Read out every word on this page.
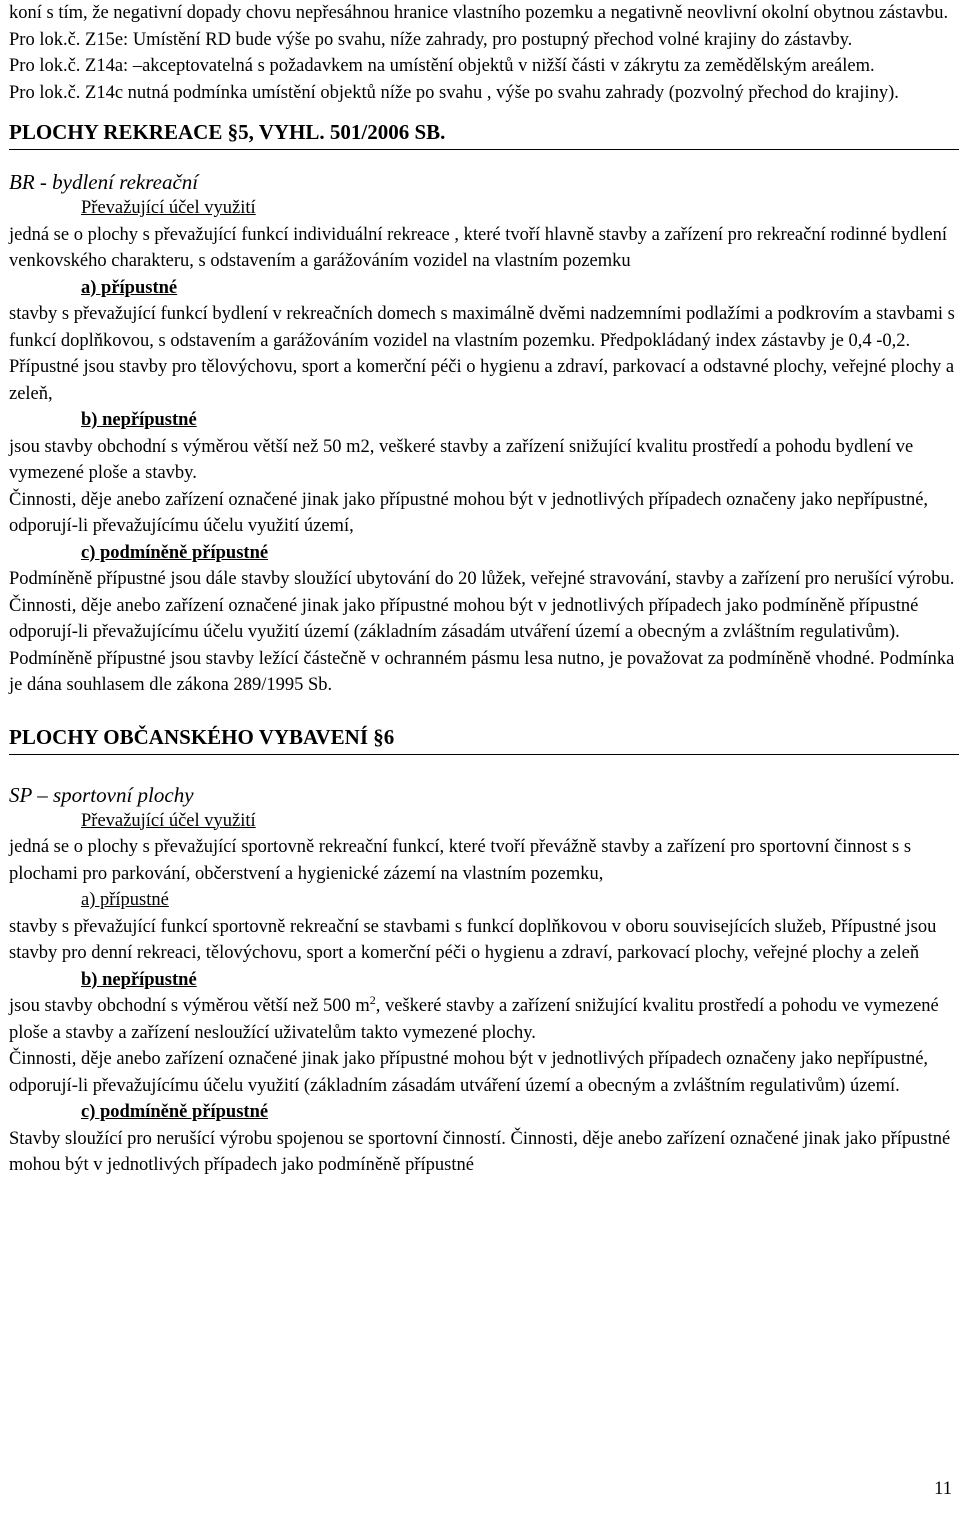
koní s tím, že negativní dopady chovu nepřesáhnou hranice vlastního pozemku a negativně neovlivní okolní obytnou zástavbu.

Pro lok.č. Z15e: Umístění RD bude výše po svahu, níže zahrady, pro postupný přechod volné krajiny do zástavby.

Pro lok.č. Z14a: –akceptovatelná s požadavkem na umístění objektů v nižší části v zákrytu za zemědělským areálem.

Pro lok.č. Z14c nutná podmínka umístění objektů níže po svahu , výše po svahu zahrady (pozvolný přechod do krajiny).

PLOCHY REKREACE §5, VYHL. 501/2006 SB.
BR - bydlení rekreační

Převažující účel využití

jedná se o plochy s převažující funkcí individuální rekreace , které tvoří hlavně stavby a zařízení pro rekreační rodinné bydlení venkovského charakteru, s odstavením a garážováním vozidel na vlastním pozemku

a) přípustné

stavby s převažující funkcí bydlení v rekreačních domech s maximálně dvěmi nadzemními podlažími a podkrovím a stavbami s funkcí doplňkovou, s odstavením a garážováním vozidel na vlastním pozemku. Předpokládaný index zástavby je 0,4 -0,2. Přípustné jsou stavby pro tělovýchovu, sport a komerční péči o hygienu a zdraví, parkovací a odstavné plochy, veřejné plochy a zeleň,

b) nepřípustné

jsou stavby obchodní s výměrou větší než 50 m2, veškeré stavby a zařízení snižující kvalitu prostředí a pohodu bydlení ve vymezené ploše a stavby.

Činnosti, děje anebo zařízení označené jinak jako přípustné mohou být v jednotlivých případech označeny jako nepřípustné, odporují-li převažujícímu účelu využití území,

c) podmíněně přípustné

Podmíněně přípustné jsou dále stavby sloužící ubytování do 20 lůžek, veřejné stravování, stavby a zařízení pro nerušící výrobu. Činnosti, děje anebo zařízení označené jinak jako přípustné mohou být v jednotlivých případech jako podmíněně přípustné odporují-li převažujícímu účelu využití území (základním zásadám utváření území a obecným a zvláštním regulativům). Podmíněně přípustné jsou stavby ležící částečně v ochranném pásmu lesa nutno, je považovat za podmíněně vhodné. Podmínka je dána souhlasem dle zákona 289/1995 Sb.

PLOCHY OBČANSKÉHO VYBAVENÍ §6
SP – sportovní plochy

Převažující účel využití

jedná se o plochy s převažující sportovně rekreační funkcí, které tvoří převážně stavby a zařízení pro sportovní činnost s s plochami pro parkování, občerstvení a hygienické zázemí na vlastním pozemku,

a) přípustné

stavby s převažující funkcí sportovně rekreační se stavbami s funkcí doplňkovou v oboru souvisejících služeb, Přípustné jsou stavby pro denní rekreaci, tělovýchovu, sport a komerční péči o hygienu a zdraví, parkovací plochy, veřejné plochy a zeleň

b) nepřípustné

jsou stavby obchodní s výměrou větší než 500 $m^2$, veškeré stavby a zařízení snižující kvalitu prostředí a pohodu ve vymezené ploše a stavby a zařízení nesloužící uživatelům takto vymezené plochy.

Činnosti, děje anebo zařízení označené jinak jako přípustné mohou být v jednotlivých případech označeny jako nepřípustné, odporují-li převažujícímu účelu využití (základním zásadám utváření území a obecným a zvláštním regulativům) území.

c) podmíněně přípustné

Stavby sloužící pro nerušící výrobu spojenou se sportovní činností. Činnosti, děje anebo zařízení označené jinak jako přípustné mohou být v jednotlivých případech jako podmíněně přípustné

11
